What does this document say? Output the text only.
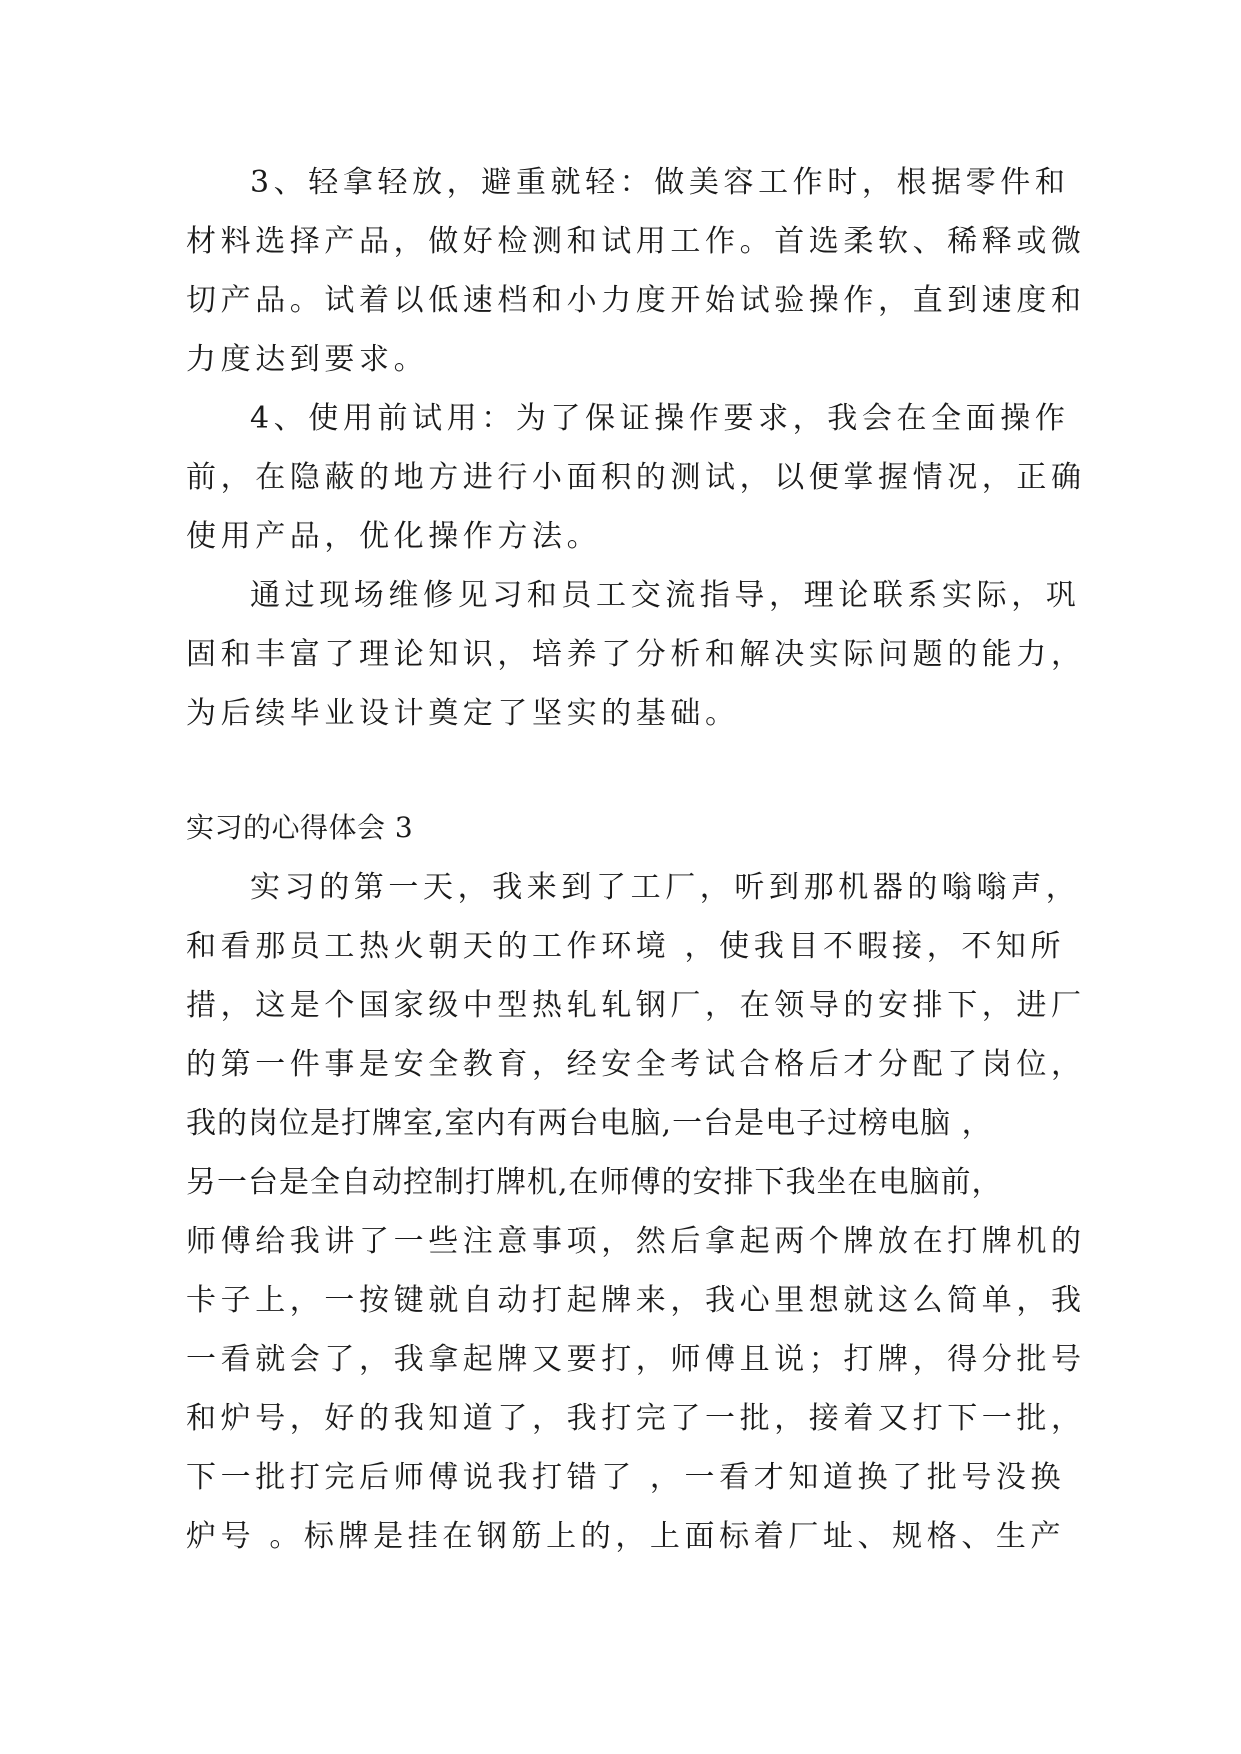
3、轻拿轻放，避重就轻：做美容工作时，根据零件和
材料选择产品，做好检测和试用工作。首选柔软、稀释或微
切产品。试着以低速档和小力度开始试验操作，直到速度和
力度达到要求。
4、使用前试用：为了保证操作要求，我会在全面操作
前，在隐蔽的地方进行小面积的测试，以便掌握情况，正确
使用产品，优化操作方法。
通过现场维修见习和员工交流指导，理论联系实际，巩
固和丰富了理论知识，培养了分析和解决实际问题的能力，
为后续毕业设计奠定了坚实的基础。
实习的心得体会 3
实习的第一天，我来到了工厂，听到那机器的嗡嗡声，
和看那员工热火朝天的工作环境 ，使我目不暇接，不知所
措，这是个国家级中型热轧轧钢厂，在领导的安排下，进厂
的第一件事是安全教育，经安全考试合格后才分配了岗位，
我的岗位是打牌室,室内有两台电脑,一台是电子过榜电脑 ，
另一台是全自动控制打牌机,在师傅的安排下我坐在电脑前，
师傅给我讲了一些注意事项，然后拿起两个牌放在打牌机的
卡子上，一按键就自动打起牌来，我心里想就这么简单，我
一看就会了，我拿起牌又要打，师傅且说；打牌，得分批号
和炉号，好的我知道了，我打完了一批，接着又打下一批，
下一批打完后师傅说我打错了 ，一看才知道换了批号没换
炉号 。标牌是挂在钢筋上的，上面标着厂址、规格、生产
